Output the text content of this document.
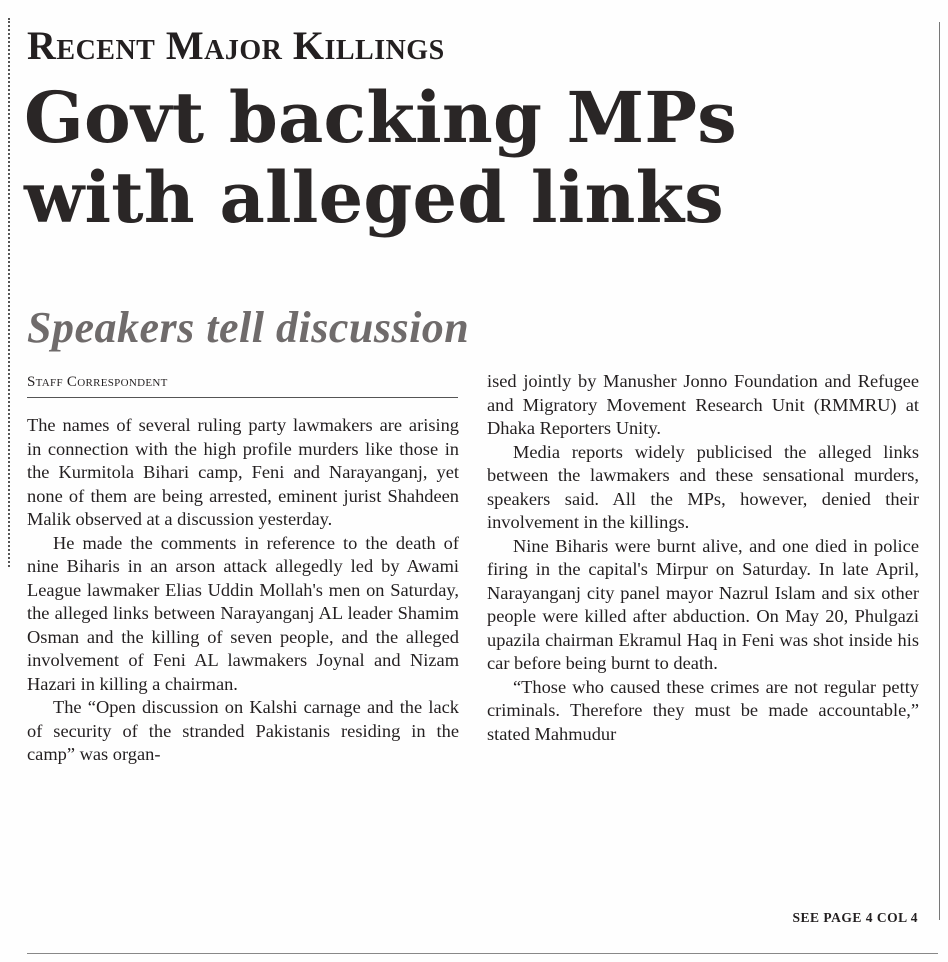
Recent Major Killings
Govt backing MPs
with alleged links
Speakers tell discussion
Staff Correspondent

The names of several ruling party lawmakers are arising in connection with the high profile murders like those in the Kurmitola Bihari camp, Feni and Narayanganj, yet none of them are being arrested, eminent jurist Shahdeen Malik observed at a discussion yesterday.

He made the comments in reference to the death of nine Biharis in an arson attack allegedly led by Awami League lawmaker Elias Uddin Mollah's men on Saturday, the alleged links between Narayanganj AL leader Shamim Osman and the killing of seven people, and the alleged involvement of Feni AL lawmakers Joynal and Nizam Hazari in killing a chairman.

The “Open discussion on Kalshi carnage and the lack of security of the stranded Pakistanis residing in the camp” was organ-

ised jointly by Manusher Jonno Foundation and Refugee and Migratory Movement Research Unit (RMMRU) at Dhaka Reporters Unity.

Media reports widely publicised the alleged links between the lawmakers and these sensational murders, speakers said. All the MPs, however, denied their involvement in the killings.

Nine Biharis were burnt alive, and one died in police firing in the capital's Mirpur on Saturday. In late April, Narayanganj city panel mayor Nazrul Islam and six other people were killed after abduction. On May 20, Phulgazi upazila chairman Ekramul Haq in Feni was shot inside his car before being burnt to death.

“Those who caused these crimes are not regular petty criminals. Therefore they must be made accountable,” stated Mahmudur

SEE PAGE 4 COL 4
